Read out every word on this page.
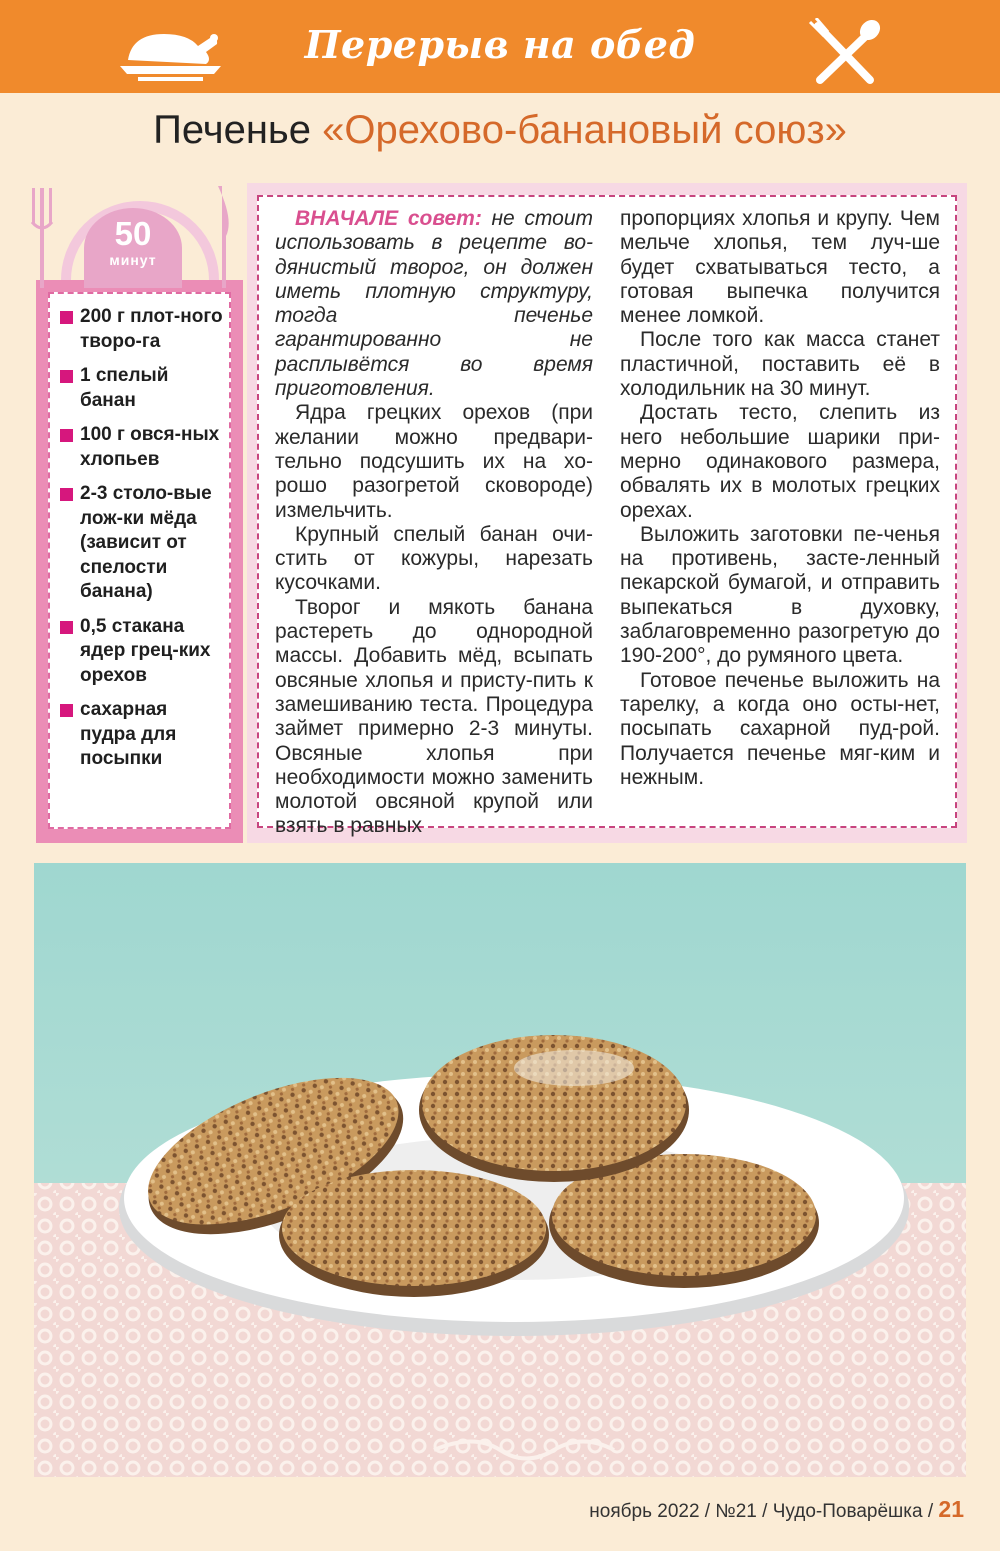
Перерыв на обед
Печенье «Орехово-банановый союз»
50
минут
200 г плот-ного творо-га
1 спелый банан
100 г овся-ных хлопьев
2-3 столо-вые лож-ки мёда (зависит от спелости банана)
0,5 стакана ядер грец-ких орехов
сахарная пудра для посыпки

ВНАЧАЛЕ совет: не стоит использовать в рецепте во-дянистый творог, он должен иметь плотную структуру, тогда печенье гарантированно не расплывётся во время приготовления.

Ядра грецких орехов (при желании можно предвари-тельно подсушить их на хо-рошо разогретой сковороде) измельчить.

Крупный спелый банан очи-стить от кожуры, нарезать кусочками.

Творог и мякоть банана растереть до однородной массы. Добавить мёд, всыпать овсяные хлопья и присту-пить к замешиванию теста. Процедура займет примерно 2-3 минуты. Овсяные хлопья при необходимости можно заменить молотой овсяной крупой или взять в равных

пропорциях хлопья и крупу. Чем мельче хлопья, тем луч-ше будет схватываться тесто, а готовая выпечка получится менее ломкой.

После того как масса станет пластичной, поставить её в холодильник на 30 минут.

Достать тесто, слепить из него небольшие шарики при-мерно одинакового размера, обвалять их в молотых грецких орехах.

Выложить заготовки пе-ченья на противень, засте-ленный пекарской бумагой, и отправить выпекаться в духовку, заблаговременно разогретую до 190-200°, до румяного цвета.

Готовое печенье выложить на тарелку, а когда оно осты-нет, посыпать сахарной пуд-рой. Получается печенье мяг-ким и нежным.

ноябрь 2022 / №21 / Чудо-Поварёшка / 21
